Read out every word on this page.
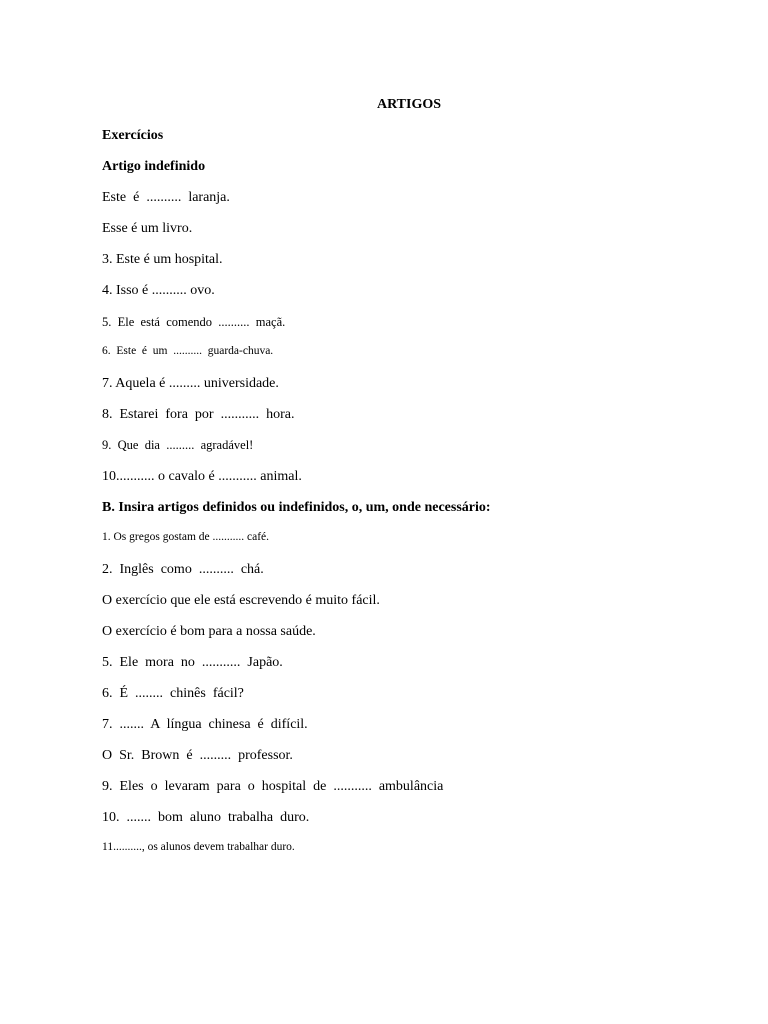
ARTIGOS
Exercícios
Artigo indefinido
Este  é  ..........  laranja.
Esse é um livro.
3. Este é um hospital.
4. Isso é .......... ovo.
5.  Ele  está  comendo  ..........  maçã.
6.  Este  é  um  ..........  guarda-chuva.
7. Aquela é ......... universidade.
8.  Estarei  fora  por  ...........  hora.
9.  Que  dia  .........  agradável!
10........... o cavalo é ........... animal.
B. Insira artigos definidos ou indefinidos, o, um, onde necessário:
1. Os gregos gostam de ........... café.
2.  Inglês  como  ..........  chá.
O exercício que ele está escrevendo é muito fácil.
O exercício é bom para a nossa saúde.
5.  Ele  mora  no  ...........  Japão.
6.  É  ........  chinês  fácil?
7.  .......  A  língua  chinesa  é  difícil.
O  Sr.  Brown  é  .........  professor.
9.  Eles  o  levaram  para  o  hospital  de  ...........  ambulância
10.  .......  bom  aluno  trabalha  duro.
11.........., os alunos devem trabalhar duro.
